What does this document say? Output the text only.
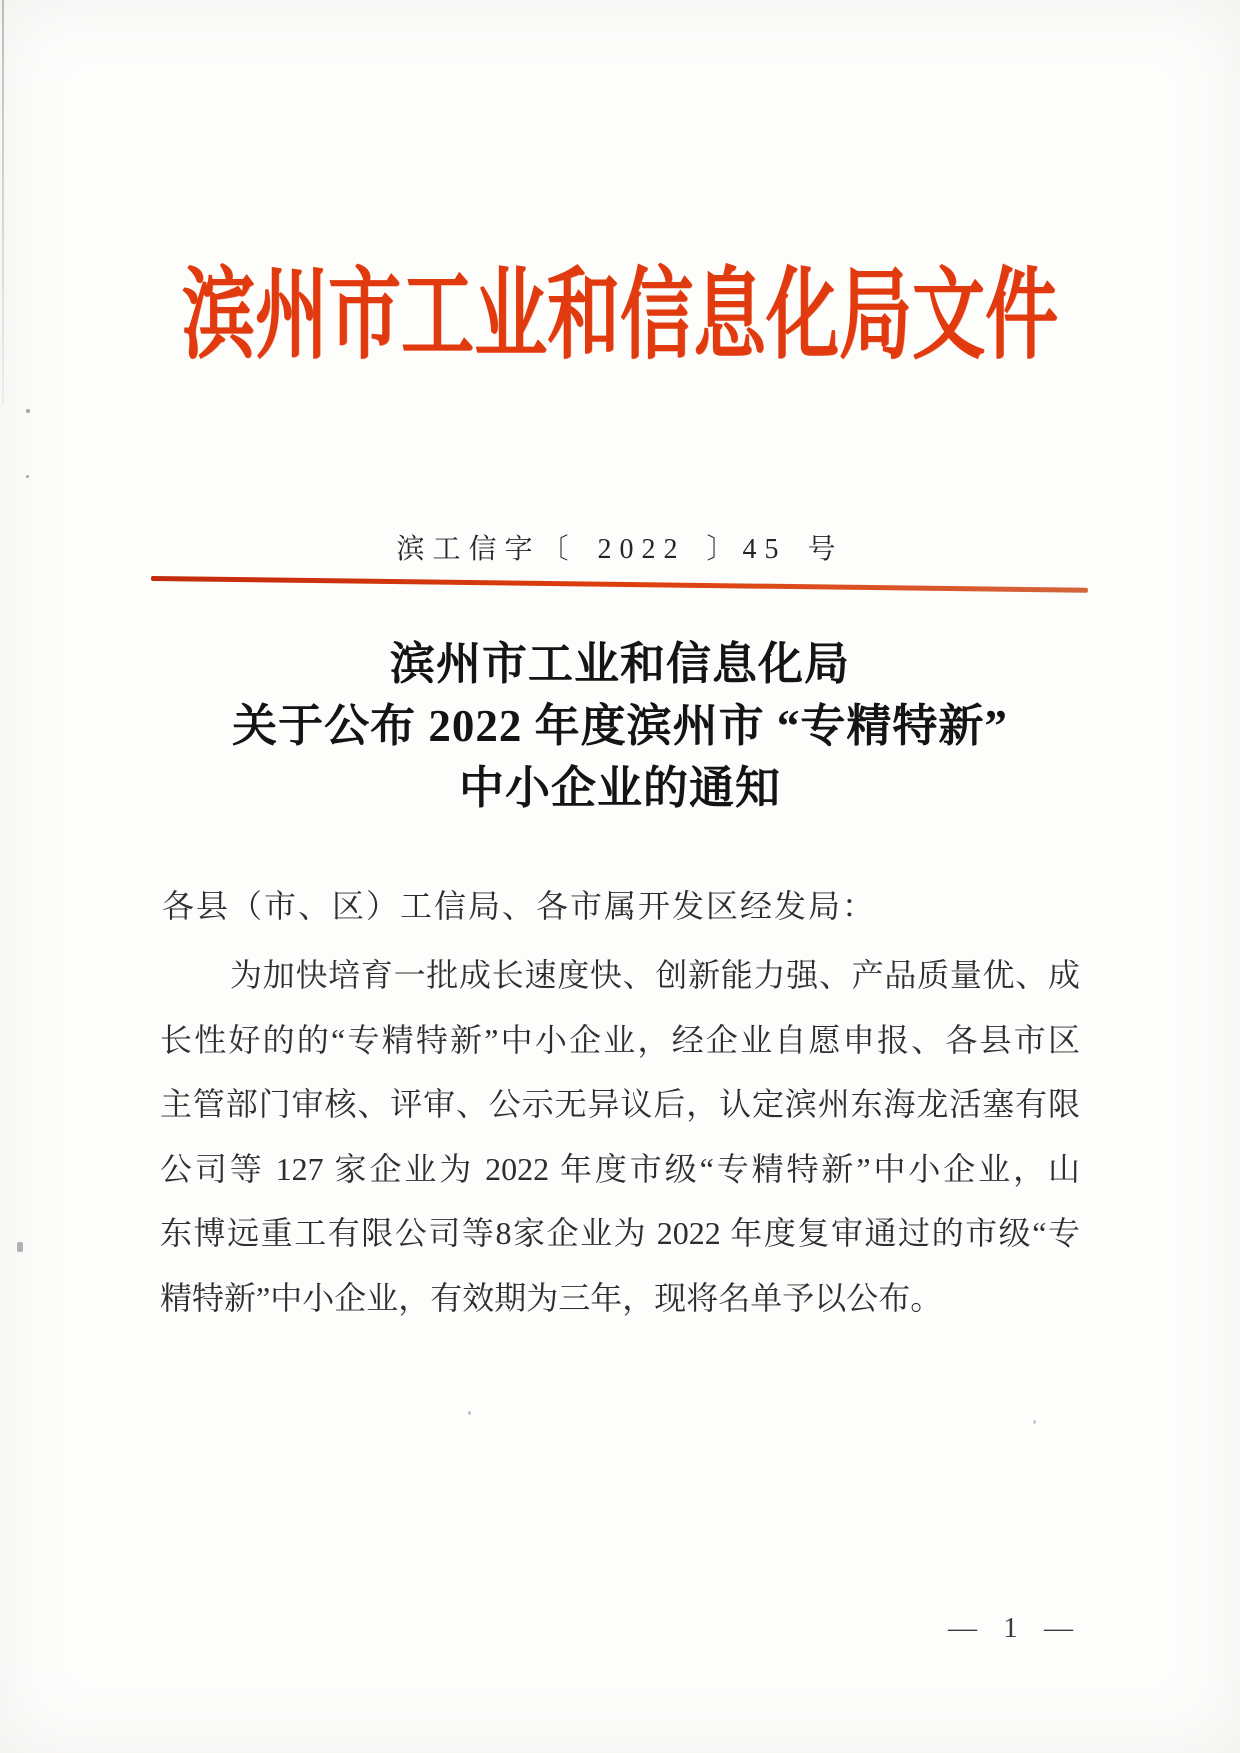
滨州市工业和信息化局文件
滨工信字〔 2022 〕45 号
滨州市工业和信息化局
关于公布 2022 年度滨州市 “专精特新”
中小企业的通知
各县（市、区）工信局、各市属开发区经发局：
为加快培育一批成长速度快、创新能力强、产品质量优、成
长性好的的“专精特新”中小企业，经企业自愿申报、各县市区
主管部门审核、评审、公示无异议后，认定滨州东海龙活塞有限
公司等 127 家企业为 2022 年度市级“专精特新”中小企业，山
东博远重工有限公司等8家企业为 2022 年度复审通过的市级“专
精特新”中小企业，有效期为三年，现将名单予以公布。
— 1 —
